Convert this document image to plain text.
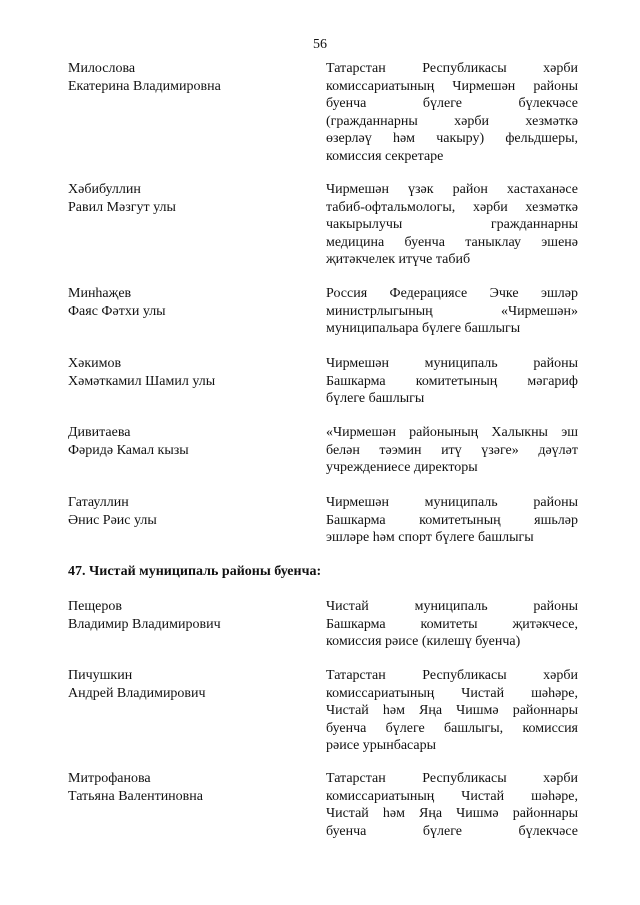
56
Милослова
Екатерина Владимировна
Татарстан Республикасы хәрби
комиссариатының Чирмешән районы
буенча бүлеге бүлекчәсе
(гражданнарны хәрби хезмәткә
өзерләү һәм чакыру) фельдшеры,
комиссия секретаре
Хәбибуллин
Равил Мәзгут улы
Чирмешән үзәк район хастаханәсе
табиб-офтальмологы, хәрби хезмәткә
чакырылучы гражданнарны
медицина буенча таныклау эшенә
җитәкчелек итүче табиб
Минһаҗев
Фаяс Фәтхи улы
Россия Федерациясе Эчке эшләр
министрлыгының «Чирмешән»
муниципальара бүлеге башлыгы
Хәкимов
Хәмәткамил Шамил улы
Чирмешән муниципаль районы
Башкарма комитетының мәгариф
бүлеге башлыгы
Дивитаева
Фәридә Камал кызы
«Чирмешән районының Халыкны эш
белән тәэмин итү үзәге» дәүләт
учреждениесе директоры
Гатауллин
Әнис Рәис улы
Чирмешән муниципаль районы
Башкарма комитетының яшьләр
эшләре һәм спорт бүлеге башлыгы
47. Чистай муниципаль районы буенча:
Пещеров
Владимир Владимирович
Чистай муниципаль районы
Башкарма комитеты җитәкчесе,
комиссия рәисе (килешү буенча)
Пичушкин
Андрей Владимирович
Татарстан Республикасы хәрби
комиссариатының Чистай шәһәре,
Чистай һәм Яңа Чишмә районнары
буенча бүлеге башлыгы, комиссия
рәисе урынбасары
Митрофанова
Татьяна Валентиновна
Татарстан Республикасы хәрби
комиссариатының Чистай шәһәре,
Чистай һәм Яңа Чишмә районнары
буенча бүлеге бүлекчәсе
